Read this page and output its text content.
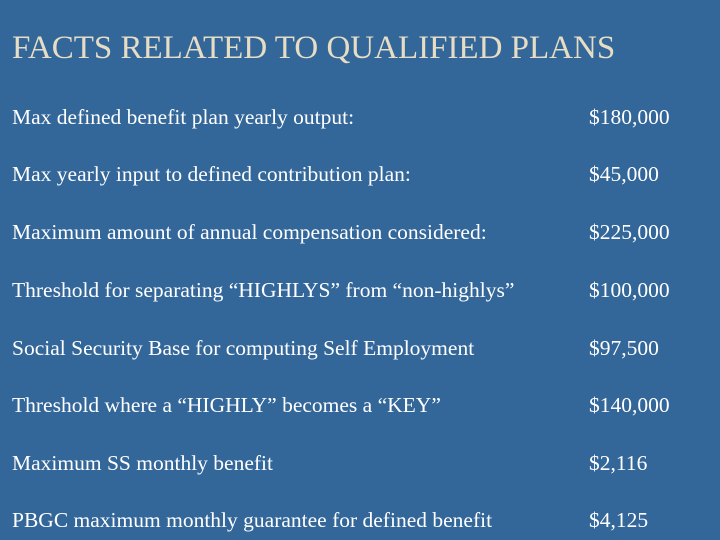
FACTS RELATED TO QUALIFIED PLANS
Max defined benefit plan yearly output:	$180,000
Max yearly input to defined contribution plan:	$45,000
Maximum amount of annual compensation considered:	$225,000
Threshold for separating “HIGHLYS” from “non-highlys”	$100,000
Social Security Base for computing Self Employment	$97,500
Threshold where a “HIGHLY” becomes a “KEY”	$140,000
Maximum SS monthly benefit	$2,116
PBGC maximum monthly guarantee for defined benefit	$4,125
